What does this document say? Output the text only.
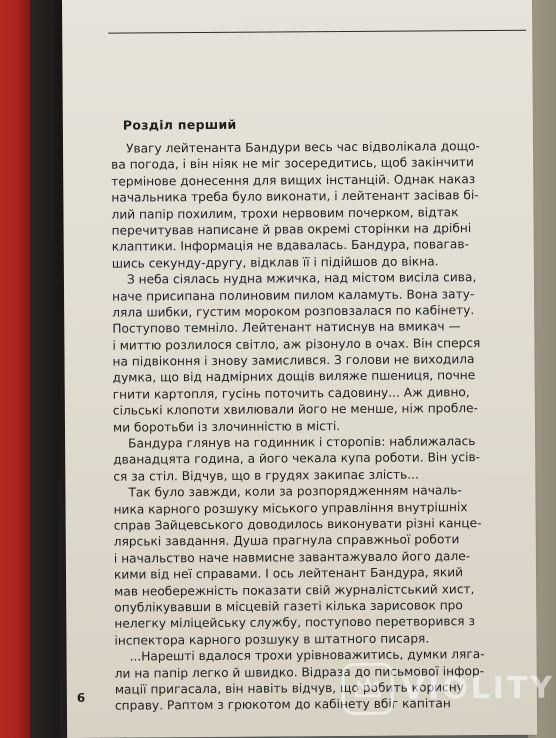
Розділ перший
Увагу лейтенанта Бандури весь час відволікала дощо-
ва погода, і він ніяк не міг зосередитись, щоб закінчити
термінове донесення для вищих інстанцій. Однак наказ
начальника треба було виконати, і лейтенант засівав бі-
лий папір похилим, трохи нервовим почерком, відтак
перечитував написане й рвав окремі сторінки на дрібні
клаптики. Інформація не вдавалась. Бандура, повагав-
шись секунду-другу, відклав її і підійшов до вікна.
З неба сіялась нудна мжичка, над містом висіла сива,
наче присипана полиновим пилом каламуть. Вона зату-
ляла шибки, густим мороком розповзалася по кабінету.
Поступово темніло. Лейтенант натиснув на вмикач —
і миттю розлилося світло, аж різонуло в очах. Він сперся
на підвіконня і знову замислився. З голови не виходила
думка, що від надмірних дощів виляже пшениця, почне
гнити картопля, гусінь поточить садовину... Аж дивно,
сільські клопоти хвилювали його не менше, ніж пробле-
ми боротьби із злочинністю в місті.
Бандура глянув на годинник і сторопів: наближалась
дванадцята година, а його чекала купа роботи. Він усів-
ся за стіл. Відчув, що в грудях закипає злість...
Так було завжди, коли за розпорядженням началь-
ника карного розшуку міського управління внутрішніх
справ Зайцевського доводилось виконувати різні канце-
лярські завдання. Душа прагнула справжньої роботи
і начальство наче навмисне завантажувало його дале-
кими від неї справами. І ось лейтенант Бандура, який
мав необережність показати свій журналістський хист,
опублікувавши в місцевій газеті кілька зарисовок про
нелегку міліцейську службу, поступово перетворився з
інспектора карного розшуку в штатного писаря.
...Нарешті вдалося трохи урівноважитись, думки ляга-
ли на папір легко й швидко. Відраза до письмової інфор-
мації пригасала, він навіть відчув, що робить корисну
справу. Раптом з грюкотом до кабінету вбіг капітан
6	VIOLITY
